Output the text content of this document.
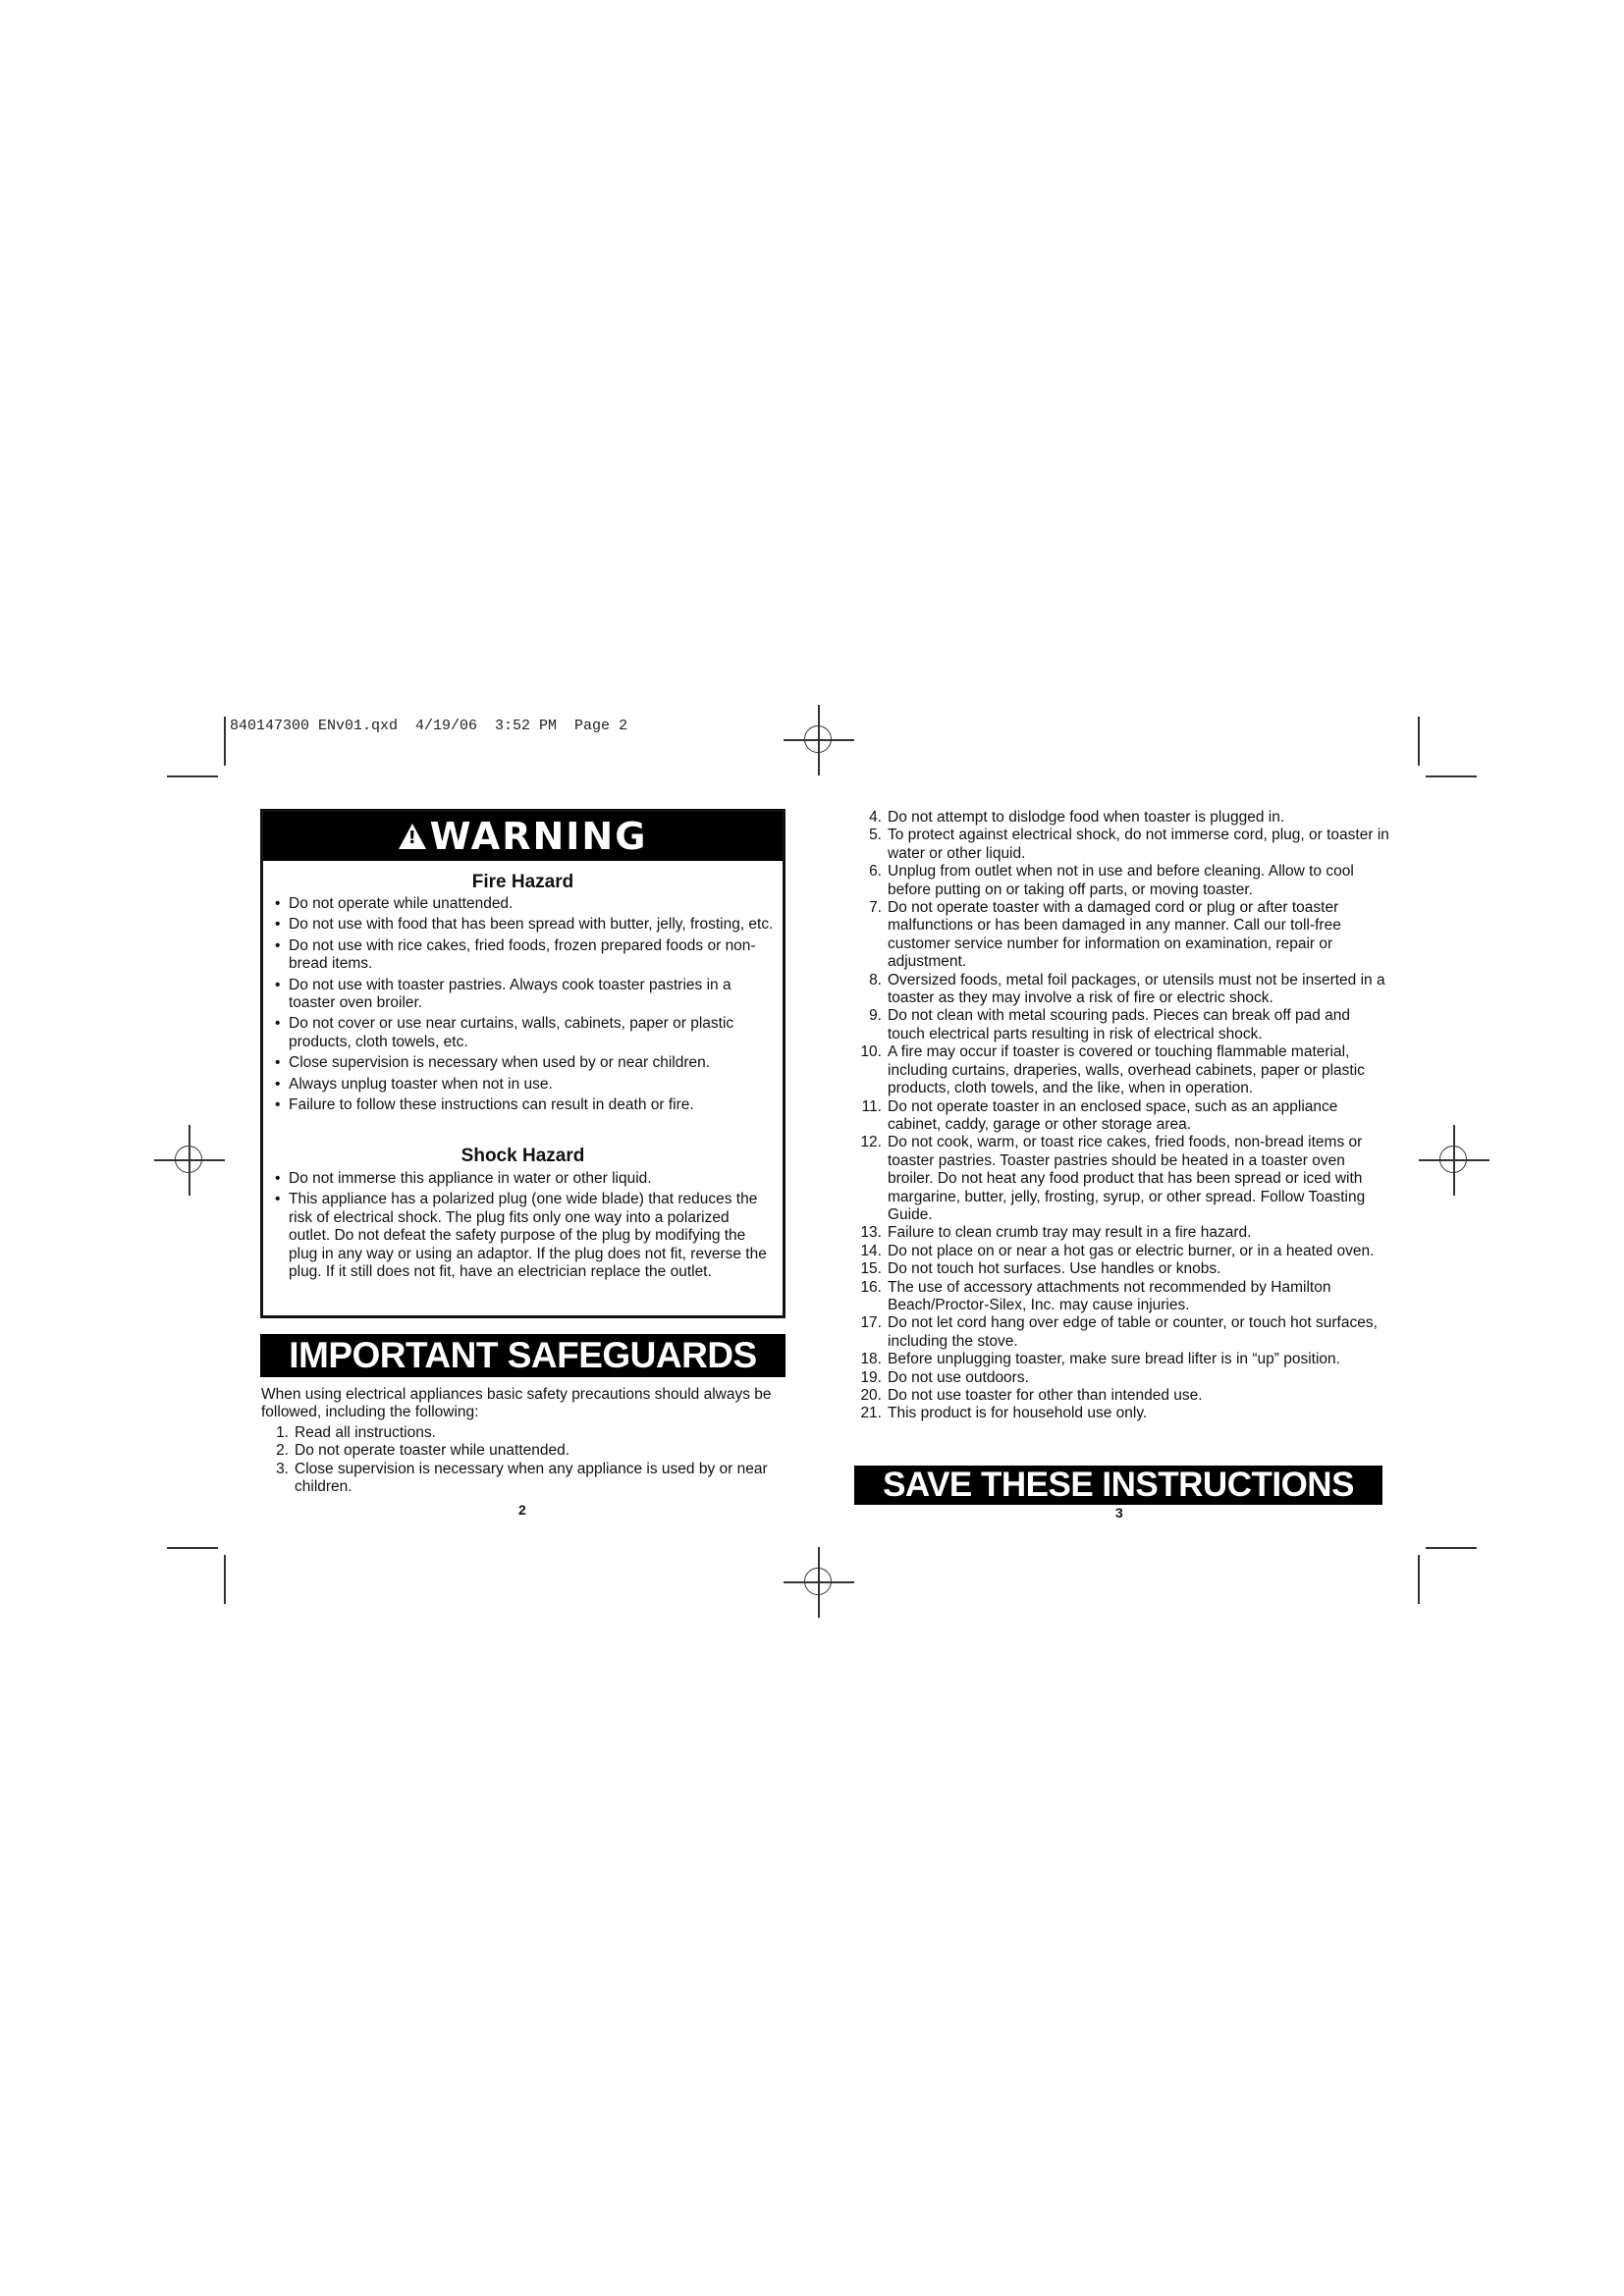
840147300 ENv01.qxd  4/19/06  3:52 PM  Page 2
! WARNING
Fire Hazard
• Do not operate while unattended.
• Do not use with food that has been spread with butter, jelly, frosting, etc.
• Do not use with rice cakes, fried foods, frozen prepared foods or non-bread items.
• Do not use with toaster pastries. Always cook toaster pastries in a toaster oven broiler.
• Do not cover or use near curtains, walls, cabinets, paper or plastic products, cloth towels, etc.
• Close supervision is necessary when used by or near children.
• Always unplug toaster when not in use.
• Failure to follow these instructions can result in death or fire.
Shock Hazard
• Do not immerse this appliance in water or other liquid.
• This appliance has a polarized plug (one wide blade) that reduces the risk of electrical shock. The plug fits only one way into a polarized outlet. Do not defeat the safety purpose of the plug by modifying the plug in any way or using an adaptor. If the plug does not fit, reverse the plug. If it still does not fit, have an electrician replace the outlet.
IMPORTANT SAFEGUARDS
When using electrical appliances basic safety precautions should always be followed, including the following:
1. Read all instructions.
2. Do not operate toaster while unattended.
3. Close supervision is necessary when any appliance is used by or near children.
2
4. Do not attempt to dislodge food when toaster is plugged in.
5. To protect against electrical shock, do not immerse cord, plug, or toaster in water or other liquid.
6. Unplug from outlet when not in use and before cleaning. Allow to cool before putting on or taking off parts, or moving toaster.
7. Do not operate toaster with a damaged cord or plug or after toaster malfunctions or has been damaged in any manner. Call our toll-free customer service number for information on examination, repair or adjustment.
8. Oversized foods, metal foil packages, or utensils must not be inserted in a toaster as they may involve a risk of fire or electric shock.
9. Do not clean with metal scouring pads. Pieces can break off pad and touch electrical parts resulting in risk of electrical shock.
10. A fire may occur if toaster is covered or touching flammable material, including curtains, draperies, walls, overhead cabinets, paper or plastic products, cloth towels, and the like, when in operation.
11. Do not operate toaster in an enclosed space, such as an appliance cabinet, caddy, garage or other storage area.
12. Do not cook, warm, or toast rice cakes, fried foods, non-bread items or toaster pastries. Toaster pastries should be heated in a toaster oven broiler. Do not heat any food product that has been spread or iced with margarine, butter, jelly, frosting, syrup, or other spread. Follow Toasting Guide.
13. Failure to clean crumb tray may result in a fire hazard.
14. Do not place on or near a hot gas or electric burner, or in a heated oven.
15. Do not touch hot surfaces. Use handles or knobs.
16. The use of accessory attachments not recommended by Hamilton Beach/Proctor-Silex, Inc. may cause injuries.
17. Do not let cord hang over edge of table or counter, or touch hot surfaces, including the stove.
18. Before unplugging toaster, make sure bread lifter is in “up” position.
19. Do not use outdoors.
20. Do not use toaster for other than intended use.
21. This product is for household use only.
SAVE THESE INSTRUCTIONS
3
